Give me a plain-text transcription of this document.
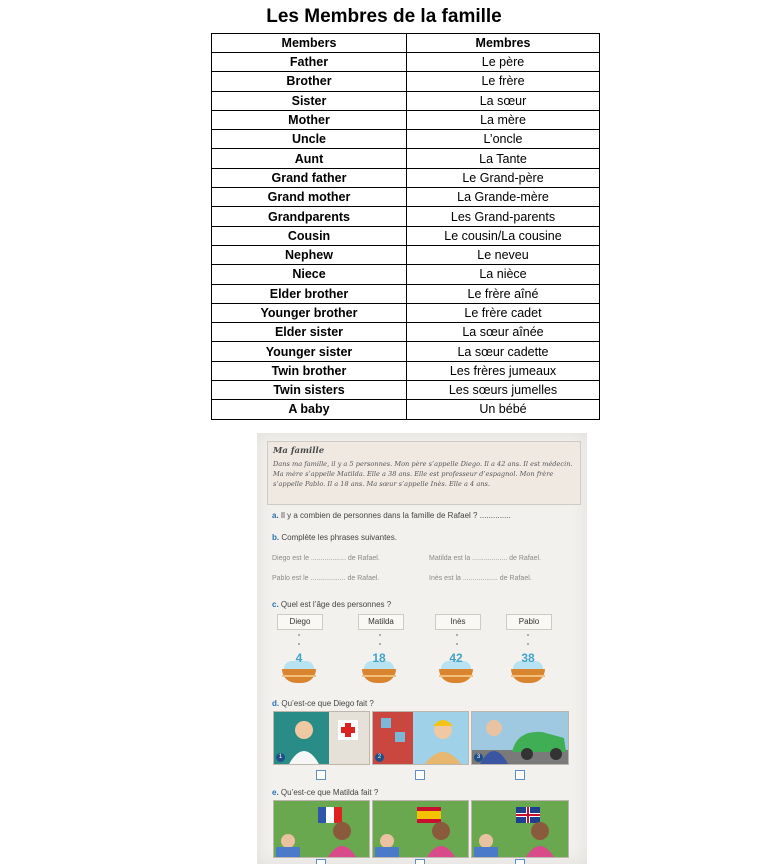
Les Membres de la famille
Members	Membres
Father	Le père
Brother	Le frère
Sister	La sœur
Mother	La mère
Uncle	L’oncle
Aunt	La Tante
Grand father	Le Grand-père
Grand mother	La Grande-mère
Grandparents	Les Grand-parents
Cousin	Le cousin/La cousine
Nephew	Le neveu
Niece	La nièce
Elder brother	Le frère aîné
Younger brother	Le frère cadet
Elder sister	La sœur aînée
Younger sister	La sœur cadette
Twin brother	Les frères jumeaux
Twin sisters	Les sœurs jumelles
A baby	Un bébé
Ma famille
Dans ma famille, il y a 5 personnes. Mon père s’appelle Diego. Il a 42 ans. Il est médecin. Ma mère s’appelle Matilda. Elle a 38 ans. Elle est professeur d’espagnol. Mon frère s’appelle Pablo. Il a 18 ans. Ma sœur s’appelle Inès. Elle a 4 ans.
a. Il y a combien de personnes dans la famille de Rafael ? ..............
b. Complète les phrases suivantes.
Diego est le .................. de Rafael.	Matilda est la .................. de Rafael.
Pablo est le .................. de Rafael.	Inès est la .................. de Rafael.
c. Quel est l’âge des personnes ?
Diego	Matilda	Inès	Pablo
4	18	42	38
d. Qu’est-ce que Diego fait ?
1	2	3
e. Qu’est-ce que Matilda fait ?
